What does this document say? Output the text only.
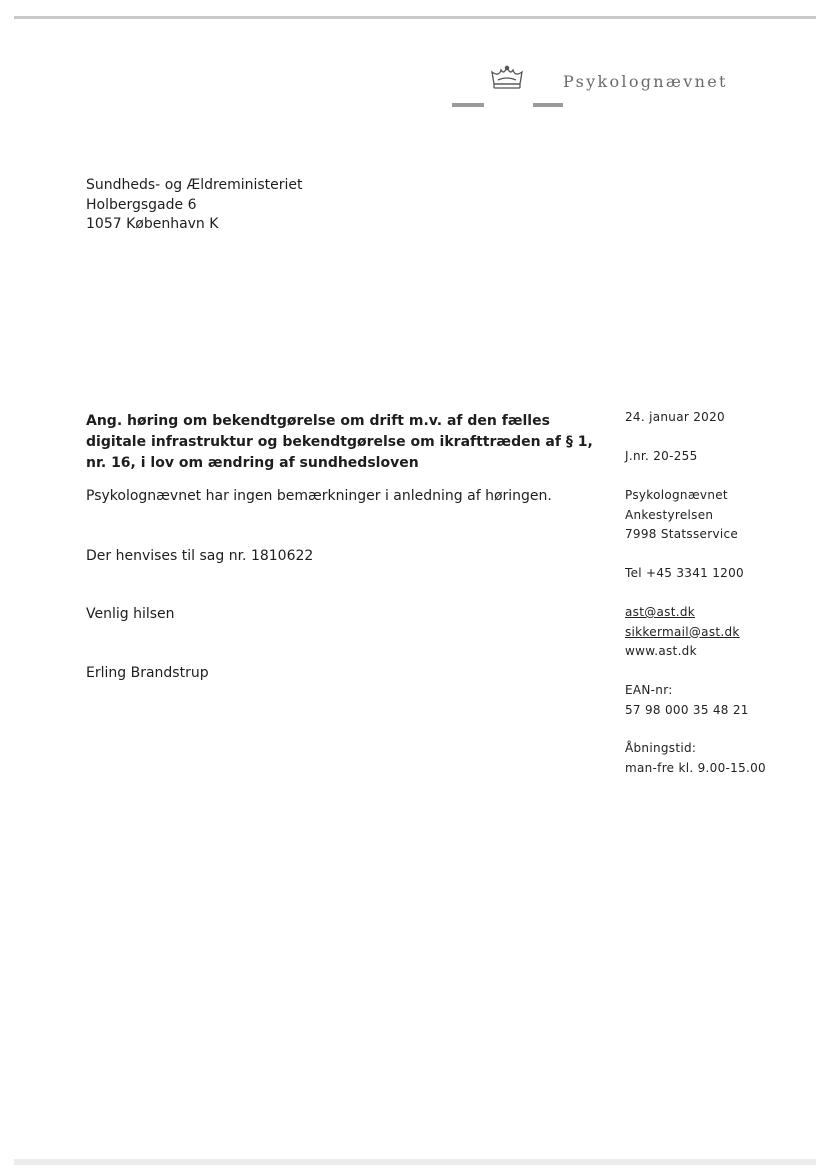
Psykolognævnet
Sundheds- og Ældreministeriet
Holbergsgade 6
1057 København K
Ang. høring om bekendtgørelse om drift m.v. af den fælles digitale infrastruktur og bekendtgørelse om ikrafttræden af § 1, nr. 16, i lov om ændring af sundhedsloven
Psykolognævnet har ingen bemærkninger i anledning af høringen.
Der henvises til sag nr. 1810622
Venlig hilsen
Erling Brandstrup
24. januar 2020
J.nr. 20-255
Psykolognævnet
Ankestyrelsen
7998 Statsservice
Tel +45 3341 1200
ast@ast.dk
sikkermail@ast.dk
www.ast.dk
EAN-nr:
57 98 000 35 48 21
Åbningstid:
man-fre kl. 9.00-15.00
